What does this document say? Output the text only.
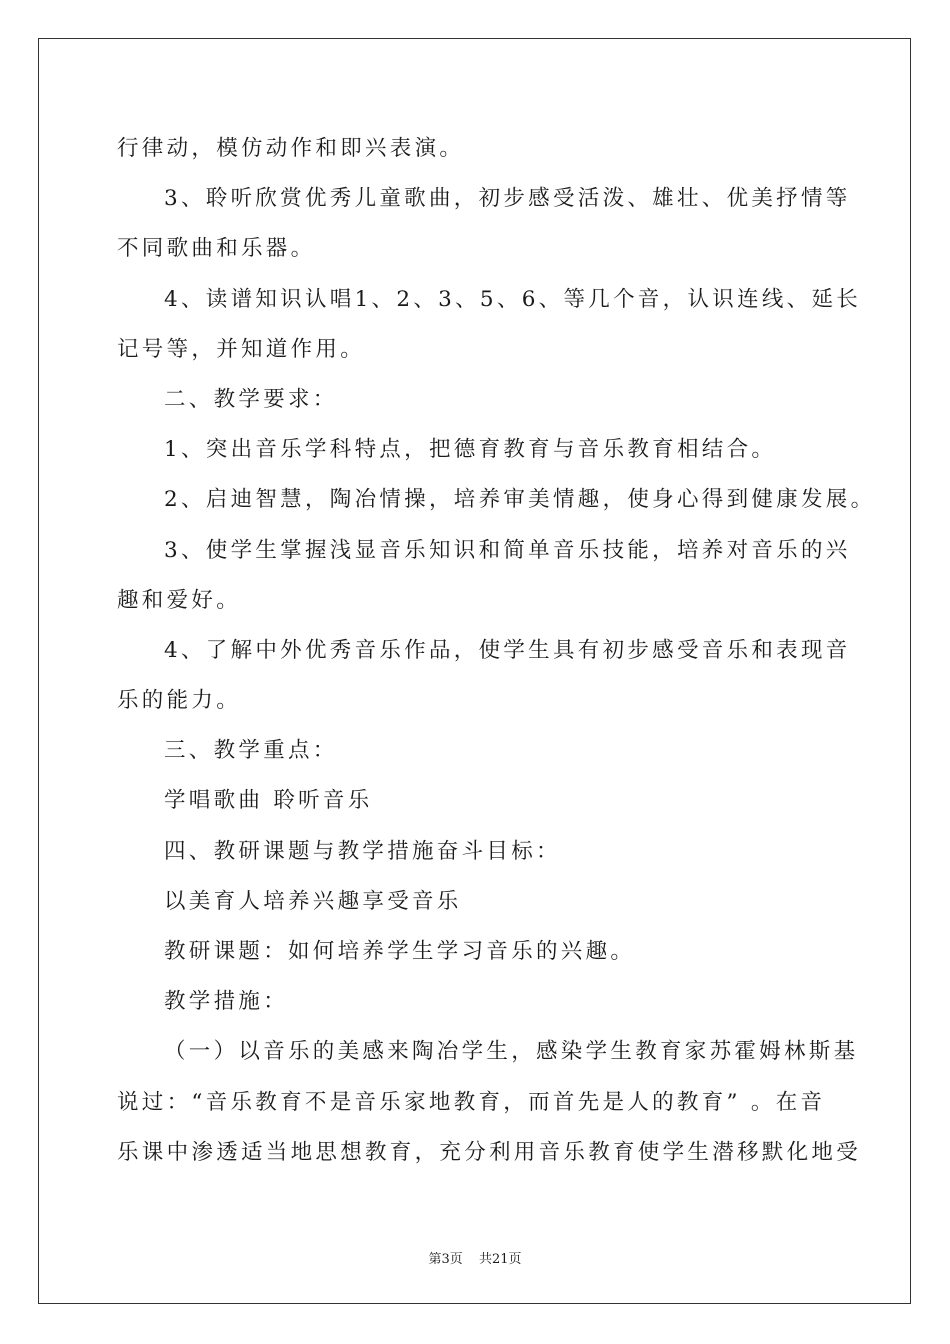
行律动，模仿动作和即兴表演。
3、聆听欣赏优秀儿童歌曲，初步感受活泼、雄壮、优美抒情等
不同歌曲和乐器。
4、读谱知识认唱1、2、3、5、6、等几个音，认识连线、延长
记号等，并知道作用。
二、教学要求：
1、突出音乐学科特点，把德育教育与音乐教育相结合。
2、启迪智慧，陶冶情操，培养审美情趣，使身心得到健康发展。
3、使学生掌握浅显音乐知识和简单音乐技能，培养对音乐的兴
趣和爱好。
4、了解中外优秀音乐作品，使学生具有初步感受音乐和表现音
乐的能力。
三、教学重点：
学唱歌曲 聆听音乐
四、教研课题与教学措施奋斗目标：
以美育人培养兴趣享受音乐
教研课题：如何培养学生学习音乐的兴趣。
教学措施：
（一）以音乐的美感来陶冶学生，感染学生教育家苏霍姆林斯基
说过：“音乐教育不是音乐家地教育，而首先是人的教育” 。在音
乐课中渗透适当地思想教育，充分利用音乐教育使学生潜移默化地受
第3页 共21页
